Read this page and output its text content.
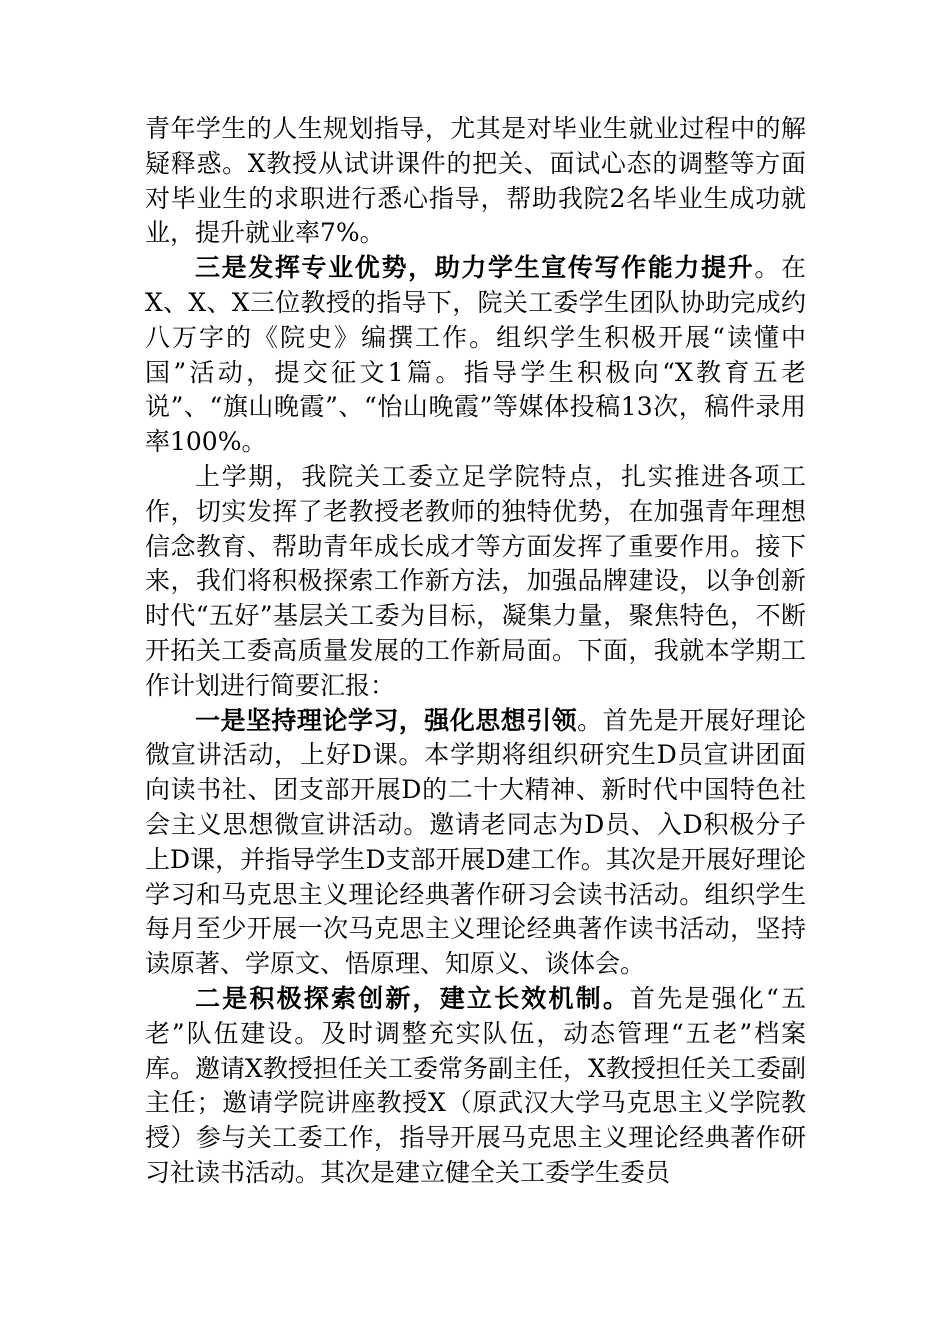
青年学生的人生规划指导，尤其是对毕业生就业过程中的解疑释惑。X教授从试讲课件的把关、面试心态的调整等方面对毕业生的求职进行悉心指导，帮助我院2名毕业生成功就业，提升就业率7%。

三是发挥专业优势，助力学生宣传写作能力提升。在X、X、X三位教授的指导下，院关工委学生团队协助完成约八万字的《院史》编撰工作。组织学生积极开展“读懂中国”活动，提交征文1篇。指导学生积极向“X教育五老说”、“旗山晚霞”、“怡山晚霞”等媒体投稿13次，稿件录用率100%。

上学期，我院关工委立足学院特点，扎实推进各项工作，切实发挥了老教授老教师的独特优势，在加强青年理想信念教育、帮助青年成长成才等方面发挥了重要作用。接下来，我们将积极探索工作新方法，加强品牌建设，以争创新时代“五好”基层关工委为目标，凝集力量，聚焦特色，不断开拓关工委高质量发展的工作新局面。下面，我就本学期工作计划进行简要汇报：

一是坚持理论学习，强化思想引领。首先是开展好理论微宣讲活动，上好D课。本学期将组织研究生D员宣讲团面向读书社、团支部开展D的二十大精神、新时代中国特色社会主义思想微宣讲活动。邀请老同志为D员、入D积极分子上D课，并指导学生D支部开展D建工作。其次是开展好理论学习和马克思主义理论经典著作研习会读书活动。组织学生每月至少开展一次马克思主义理论经典著作读书活动，坚持读原著、学原文、悟原理、知原义、谈体会。

二是积极探索创新，建立长效机制。首先是强化“五老”队伍建设。及时调整充实队伍，动态管理“五老”档案库。邀请X教授担任关工委常务副主任，X教授担任关工委副主任；邀请学院讲座教授X（原武汉大学马克思主义学院教授）参与关工委工作，指导开展马克思主义理论经典著作研习社读书活动。其次是建立健全关工委学生委员
